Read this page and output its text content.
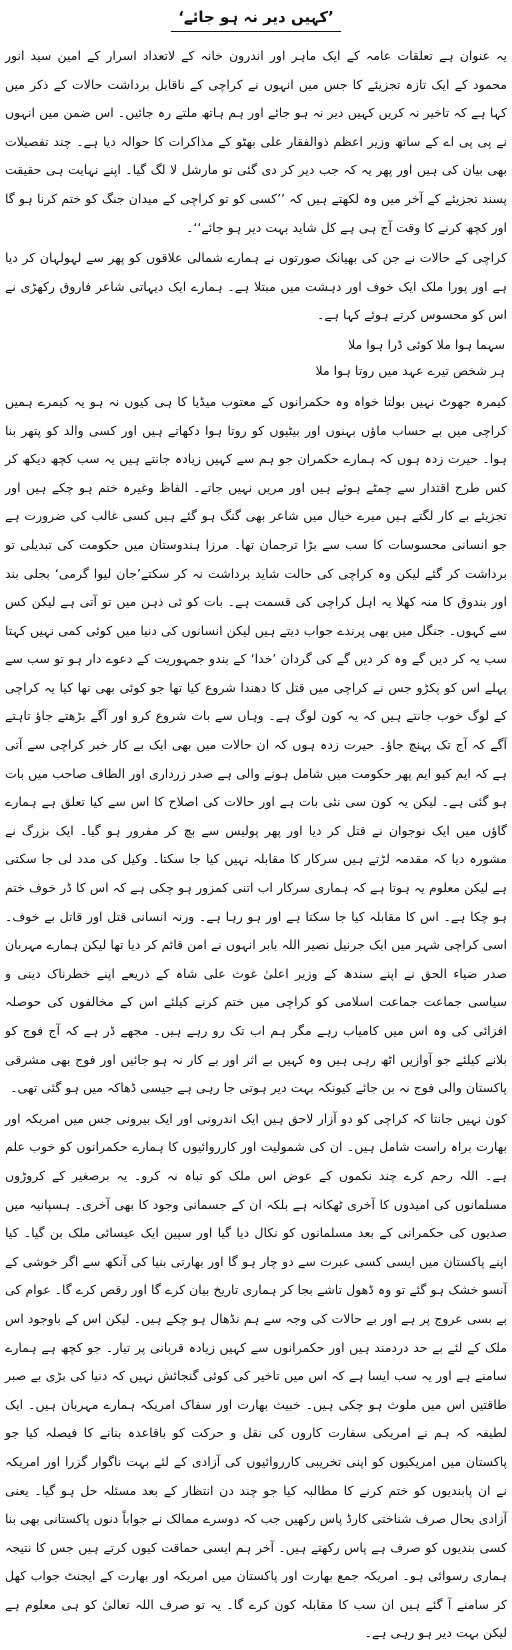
’کہیں دیر نہ ہو جائے‘

یہ عنوان ہے تعلقات عامہ کے ایک ماہر اور اندرون خانہ کے لاتعداد اسرار کے امین سید انور محمود کے ایک تازہ تجزیئے کا جس میں انہوں نے کراچی کے ناقابل برداشت حالات کے ذکر میں کہا ہے کہ تاخیر نہ کریں کہیں دیر نہ ہو جائے اور ہم ہاتھ ملتے رہ جائیں۔ اس ضمن میں انہوں نے پی پی اے کے ساتھ وزیر اعظم ذوالفقار علی بھٹو کے مذاکرات کا حوالہ دیا ہے۔ چند تفصیلات بھی بیان کی ہیں اور پھر یہ کہ جب دیر کر دی گئی تو مارشل لا لگ گیا۔ اپنے نہایت ہی حقیقت پسند تجزیئے کے آخر میں وہ لکھتے ہیں کہ ’’کسی کو تو کراچی کے میدان جنگ کو ختم کرنا ہو گا اور کچھ کرنے کا وقت آج ہی ہے کل شاید بہت دیر ہو جائے‘‘۔

کراچی کے حالات نے جن کی بھیانک صورتوں نے ہمارے شمالی علاقوں کو پھر سے لہولہان کر دیا ہے اور پورا ملک ایک خوف اور دہشت میں مبتلا ہے۔ ہمارے ایک دیہاتی شاعر فاروق رکھڑی نے اس کو محسوس کرتے ہوئے کہا ہے۔

سہما ہوا ملا کوئی ڈرا ہوا ملا

ہر شخص تیرے عہد میں روتا ہوا ملا

کیمرہ جھوٹ نہیں بولتا خواہ وہ حکمرانوں کے معتوب میڈیا کا ہی کیوں نہ ہو یہ کیمرے ہمیں کراچی میں بے حساب ماؤں بہنوں اور بیٹیوں کو روتا ہوا دکھاتے ہیں اور کسی والد کو پتھر بنا ہوا۔ حیرت زدہ ہوں کہ ہمارے حکمران جو ہم سے کہیں زیادہ جانتے ہیں یہ سب کچھ دیکھ کر کس طرح اقتدار سے چمٹے ہوئے ہیں اور مریں نہیں جاتے۔ الفاظ وغیرہ ختم ہو چکے ہیں اور تجزیئے بے کار لگتے ہیں میرے خیال میں شاعر بھی گنگ ہو گئے ہیں کسی غالب کی ضرورت ہے جو انسانی محسوسات کا سب سے بڑا ترجمان تھا۔ مرزا ہندوستان میں حکومت کی تبدیلی تو برداشت کر گئے لیکن وہ کراچی کی حالت شاید برداشت نہ کر سکتے’جان لیوا گرمی‘ بجلی بند اور بندوق کا منہ کھلا یہ اہل کراچی کی قسمت ہے۔ بات کو ئی ذہن میں تو آتی ہے لیکن کس سے کہوں۔ جنگل میں بھی پرندے جواب دیتے ہیں لیکن انسانوں کی دنیا میں کوئی کمی نہیں کہتا سب یہ کر دیں گے وہ کر دیں گے کی گردان ’خدا‘ کے بندو جمہوریت کے دعوے دار ہو تو سب سے پہلے اس کو پکڑو جس نے کراچی میں قتل کا دھندا شروع کیا تھا جو کوئی بھی تھا کیا یہ کراچی کے لوگ خوب جانتے ہیں کہ یہ کون لوگ ہے۔ وہاں سے بات شروع کرو اور آگے بڑھتے جاؤ تاہتے آگے کہ آج تک پہنچ جاؤ۔ حیرت زدہ ہوں کہ ان حالات میں بھی ایک بے کار خبر کراچی سے آتی ہے کہ ایم کیو ایم پھر حکومت میں شامل ہونے والی ہے صدر زرداری اور الطاف صاحب میں بات ہو گئی ہے۔ لیکن یہ کون سی نئی بات ہے اور حالات کی اصلاح کا اس سے کیا تعلق ہے ہمارے گاؤں میں ایک نوجوان نے قتل کر دیا اور پھر پولیس سے بچ کر مفرور ہو گیا۔ ایک بزرگ نے مشورہ دیا کہ مقدمہ لڑتے ہیں سرکار کا مقابلہ نہیں کیا جا سکتا۔ وکیل کی مدد لی جا سکتی ہے لیکن معلوم یہ ہوتا ہے کہ ہماری سرکار اب اتنی کمزور ہو چکی ہے کہ اس کا ڈر خوف ختم ہو چکا ہے۔ اس کا مقابلہ کیا جا سکتا ہے اور ہو رہا ہے۔ ورنہ انسانی قتل اور قاتل بے خوف۔ اسی کراچی شہر میں ایک جرنیل نصیر اللہ بابر انہوں نے امن قائم کر دیا تھا لیکن ہمارے مہربان صدر ضیاء الحق نے اپنے سندھ کے وزیر اعلیٰ غوث علی شاہ کے ذریعے اپنے خطرناک دینی و سیاسی جماعت جماعت اسلامی کو کراچی میں ختم کرنے کیلئے اس کے مخالفوں کی حوصلہ افزائی کی وہ اس میں کامیاب رہے مگر ہم اب تک رو رہے ہیں۔ مجھے ڈر ہے کہ آج فوج کو بلانے کیلئے جو آوازیں اٹھ رہی ہیں وہ کہیں بے اثر اور بے کار نہ ہو جائیں اور فوج بھی مشرقی پاکستان والی فوج نہ بن جائے کیونکہ بہت دیر ہوتی جا رہی ہے جیسی ڈھاکہ میں ہو گئی تھی۔

کون نہیں جانتا کہ کراچی کو دو آزار لاحق ہیں ایک اندرونی اور ایک بیرونی جس میں امریکہ اور بھارت براہ راست شامل ہیں۔ ان کی شمولیت اور کارروائیوں کا ہمارے حکمرانوں کو خوب علم ہے۔ اللہ رحم کرے چند نکموں کے عوض اس ملک کو تباہ نہ کرو۔ یہ برصغیر کے کروڑوں مسلمانوں کی امیدوں کا آخری ٹھکانہ ہے بلکہ ان کے جسمانی وجود کا بھی آخری۔ ہسپانیہ میں صدیوں کی حکمرانی کے بعد مسلمانوں کو نکال دیا گیا اور سپین ایک عیسائی ملک بن گیا۔ کیا اپنے پاکستان میں ایسی کسی عبرت سے دو چار ہو گا اور بھارتی بنیا کی آنکھ سے اگر خوشی کے آنسو خشک ہو گئے تو وہ ڈھول تاشے بجا کر ہماری تاریخ بیان کرے گا اور رقص کرے گا۔ عوام کی بے بسی عروج پر ہے اور بے حالات کی وجہ سے ہم نڈھال ہو چکے ہیں۔ لیکن اس کے باوجود اس ملک کے لئے بے حد دردمند ہیں اور حکمرانوں سے کہیں زیادہ قربانی پر تیار۔ جو کچھ ہے ہمارے سامنے ہے اور یہ سب ایسا ہے کہ اس میں تاخیر کی کوئی گنجائش نہیں کہ دنیا کی بڑی بے صبر طاقتیں اس میں ملوث ہو چکی ہیں۔ خبیث بھارت اور سفاک امریکہ ہمارے مہربان ہیں۔ ایک لطیفہ کہ ہم نے امریکی سفارت کاروں کی نقل و حرکت کو باقاعدہ بنانے کا فیصلہ کیا جو پاکستان میں امریکیوں کو اپنی تخریبی کارروائیوں کی آزادی کے لئے بہت ناگوار گزرا اور امریکہ نے ان پابندیوں کو ختم کرنے کا مطالبہ کیا جو چند دن انتظار کے بعد مسئلہ حل ہو گیا۔ یعنی آزادی بحال صرف شناختی کارڈ پاس رکھیں جب کہ دوسرے ممالک نے جواباً دنوں پاکستانی بھی بنا کسی بندیوں کو صرف ہے پاس رکھتے ہیں۔ آخر ہم ایسی حماقت کیوں کرتے ہیں جس کا نتیجہ ہماری رسوائی ہو۔ امریکہ جمع بھارت اور پاکستان میں امریکہ اور بھارت کے ایجنٹ جواب کھل کر سامنے آ گئے ہیں ان سب کا مقابلہ کون کرے گا۔ یہ تو صرف اللہ تعالیٰ کو ہی معلوم ہے لیکن بہت دیر ہو رہی ہے۔
